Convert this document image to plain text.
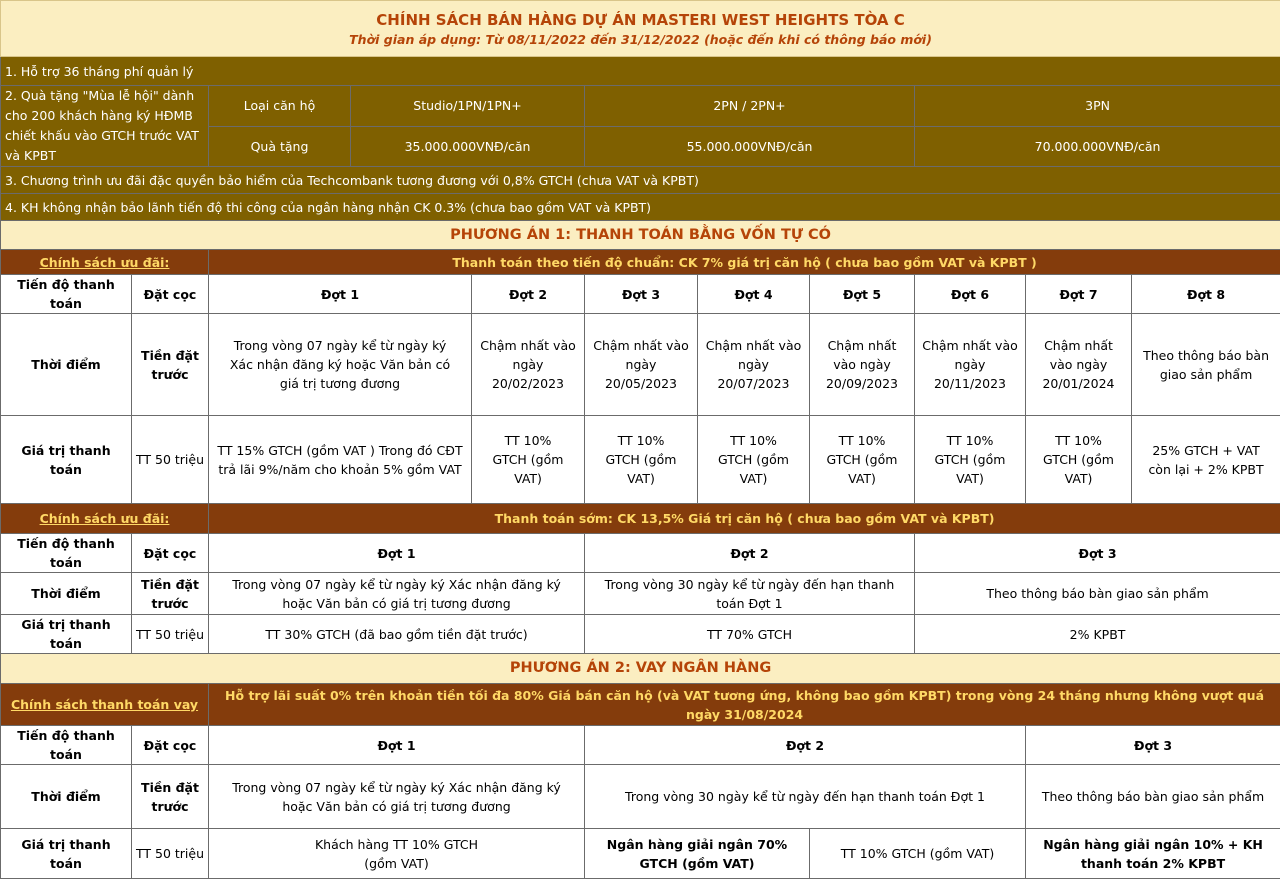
CHÍNH SÁCH BÁN HÀNG DỰ ÁN MASTERI WEST HEIGHTS TÒA C
Thời gian áp dụng: Từ 08/11/2022 đến 31/12/2022 (hoặc đến khi có thông báo mới)										

1. Hỗ trợ 36 tháng phí quản lý										
2. Quà tặng "Mùa lễ hội" dành cho 200 khách hàng ký HĐMB chiết khấu vào GTCH trước VAT và KPBT		Loại căn hộ	Studio/1PN/1PN+		2PN / 2PN+			3PN		
		Quà tặng	35.000.000VNĐ/căn		55.000.000VNĐ/căn			70.000.000VNĐ/căn		
3. Chương trình ưu đãi đặc quyền bảo hiểm của Techcombank tương đương với 0,8% GTCH (chưa VAT và KPBT)										
4. KH không nhận bảo lãnh tiến độ thi công của ngân hàng nhận CK 0.3% (chưa bao gồm VAT và KPBT)										
PHƯƠNG ÁN 1: THANH TOÁN BẰNG VỐN TỰ CÓ										
Chính sách ưu đãi:		Thanh toán theo tiến độ chuẩn: CK 7% giá trị căn hộ ( chưa bao gồm VAT và KPBT )								
Tiến độ thanh toán	Đặt cọc	Đợt 1		Đợt 2	Đợt 3	Đợt 4	Đợt 5	Đợt 6	Đợt 7	Đợt 8
Thời điểm	Tiền đặt trước	Trong vòng 07 ngày kể từ ngày ký Xác nhận đăng ký hoặc Văn bản có giá trị tương đương		Chậm nhất vào ngày 20/02/2023	Chậm nhất vào ngày 20/05/2023	Chậm nhất vào ngày 20/07/2023	Chậm nhất vào ngày 20/09/2023	Chậm nhất vào ngày 20/11/2023	Chậm nhất vào ngày 20/01/2024	Theo thông báo bàn giao sản phẩm
Giá trị thanh toán	TT 50 triệu	TT 15% GTCH (gồm VAT ) Trong đó CĐT trả lãi 9%/năm cho khoản 5% gồm VAT		TT 10% GTCH (gồm VAT)	TT 10% GTCH (gồm VAT)	TT 10% GTCH (gồm VAT)	TT 10% GTCH (gồm VAT)	TT 10% GTCH (gồm VAT)	TT 10% GTCH (gồm VAT)	25% GTCH + VAT còn lại + 2% KPBT
Chính sách ưu đãi:		Thanh toán sớm: CK 13,5% Giá trị căn hộ ( chưa bao gồm VAT và KPBT)								
Tiến độ thanh toán	Đặt cọc	Đợt 1			Đợt 2			Đợt 3		
Thời điểm	Tiền đặt trước	Trong vòng 07 ngày kể từ ngày ký Xác nhận đăng ký hoặc Văn bản có giá trị tương đương			Trong vòng 30 ngày kể từ ngày đến hạn thanh toán Đợt 1			Theo thông báo bàn giao sản phẩm		
Giá trị thanh toán	TT 50 triệu	TT 30% GTCH (đã bao gồm tiền đặt trước)			TT 70% GTCH			2% KPBT		
PHƯƠNG ÁN 2: VAY NGÂN HÀNG										
Chính sách thanh toán vay		Hỗ trợ lãi suất 0% trên khoản tiền tối đa 80% Giá bán căn hộ (và VAT tương ứng, không bao gồm KPBT) trong vòng 24 tháng nhưng không vượt quá ngày 31/08/2024								
Tiến độ thanh toán	Đặt cọc	Đợt 1			Đợt 2				Đợt 3	
Thời điểm	Tiền đặt trước	Trong vòng 07 ngày kể từ ngày ký Xác nhận đăng ký hoặc Văn bản có giá trị tương đương			Trong vòng 30 ngày kể từ ngày đến hạn thanh toán Đợt 1				Theo thông báo bàn giao sản phẩm	
Giá trị thanh toán	TT 50 triệu	Khách hàng TT 10% GTCH (gồm VAT)			Ngân hàng giải ngân 70% GTCH (gồm VAT)		TT 10% GTCH (gồm VAT)		Ngân hàng giải ngân 10% + KH thanh toán 2% KPBT	
